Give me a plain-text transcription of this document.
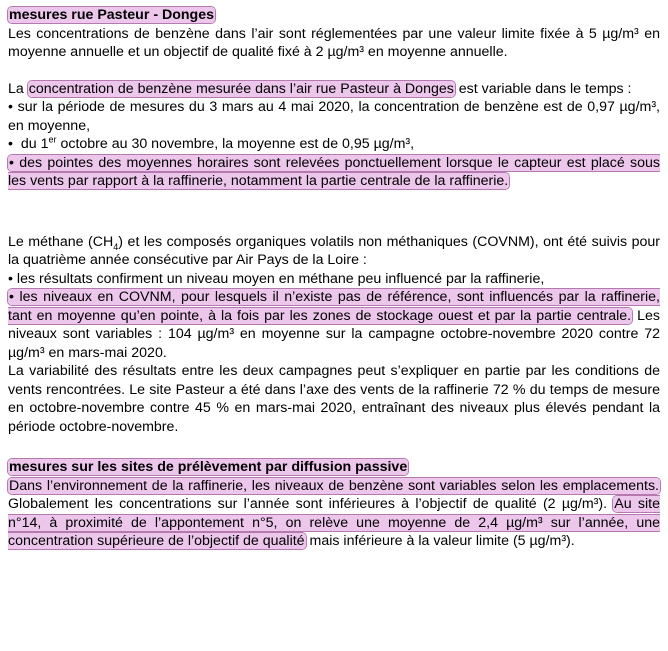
mesures rue Pasteur - Donges

Les concentrations de benzène dans l’air sont réglementées par une valeur limite fixée à 5 µg/m³ en moyenne annuelle et un objectif de qualité fixé à 2 µg/m³ en moyenne annuelle.

La concentration de benzène mesurée dans l’air rue Pasteur à Donges est variable dans le temps :

• sur la période de mesures du 3 mars au 4 mai 2020, la concentration de benzène est de 0,97 µg/m³, en moyenne,

• du 1er octobre au 30 novembre, la moyenne est de 0,95 µg/m³,

• des pointes des moyennes horaires sont relevées ponctuellement lorsque le capteur est placé sous les vents par rapport à la raffinerie, notamment la partie centrale de la raffinerie.

Le méthane $(CH_4)$ et les composés organiques volatils non méthaniques (COVNM), ont été suivis pour la quatrième année consécutive par Air Pays de la Loire :

• les résultats confirment un niveau moyen en méthane peu influencé par la raffinerie,

• les niveaux en COVNM, pour lesquels il n’existe pas de référence, sont influencés par la raffinerie, tant en moyenne qu’en pointe, à la fois par les zones de stockage ouest et par la partie centrale. Les niveaux sont variables : 104 µg/m³ en moyenne sur la campagne octobre-novembre 2020 contre 72 µg/m³ en mars-mai 2020.

La variabilité des résultats entre les deux campagnes peut s’expliquer en partie par les conditions de vents rencontrées. Le site Pasteur a été dans l’axe des vents de la raffinerie 72 % du temps de mesure en octobre-novembre contre 45 % en mars-mai 2020, entraînant des niveaux plus élevés pendant la période octobre-novembre.

mesures sur les sites de prélèvement par diffusion passive

Dans l’environnement de la raffinerie, les niveaux de benzène sont variables selon les emplacements. Globalement les concentrations sur l’année sont inférieures à l’objectif de qualité (2 µg/m³). Au site n°14, à proximité de l’appontement n°5, on relève une moyenne de 2,4 µg/m³ sur l’année, une concentration supérieure de l’objectif de qualité mais inférieure à la valeur limite (5 µg/m³).
